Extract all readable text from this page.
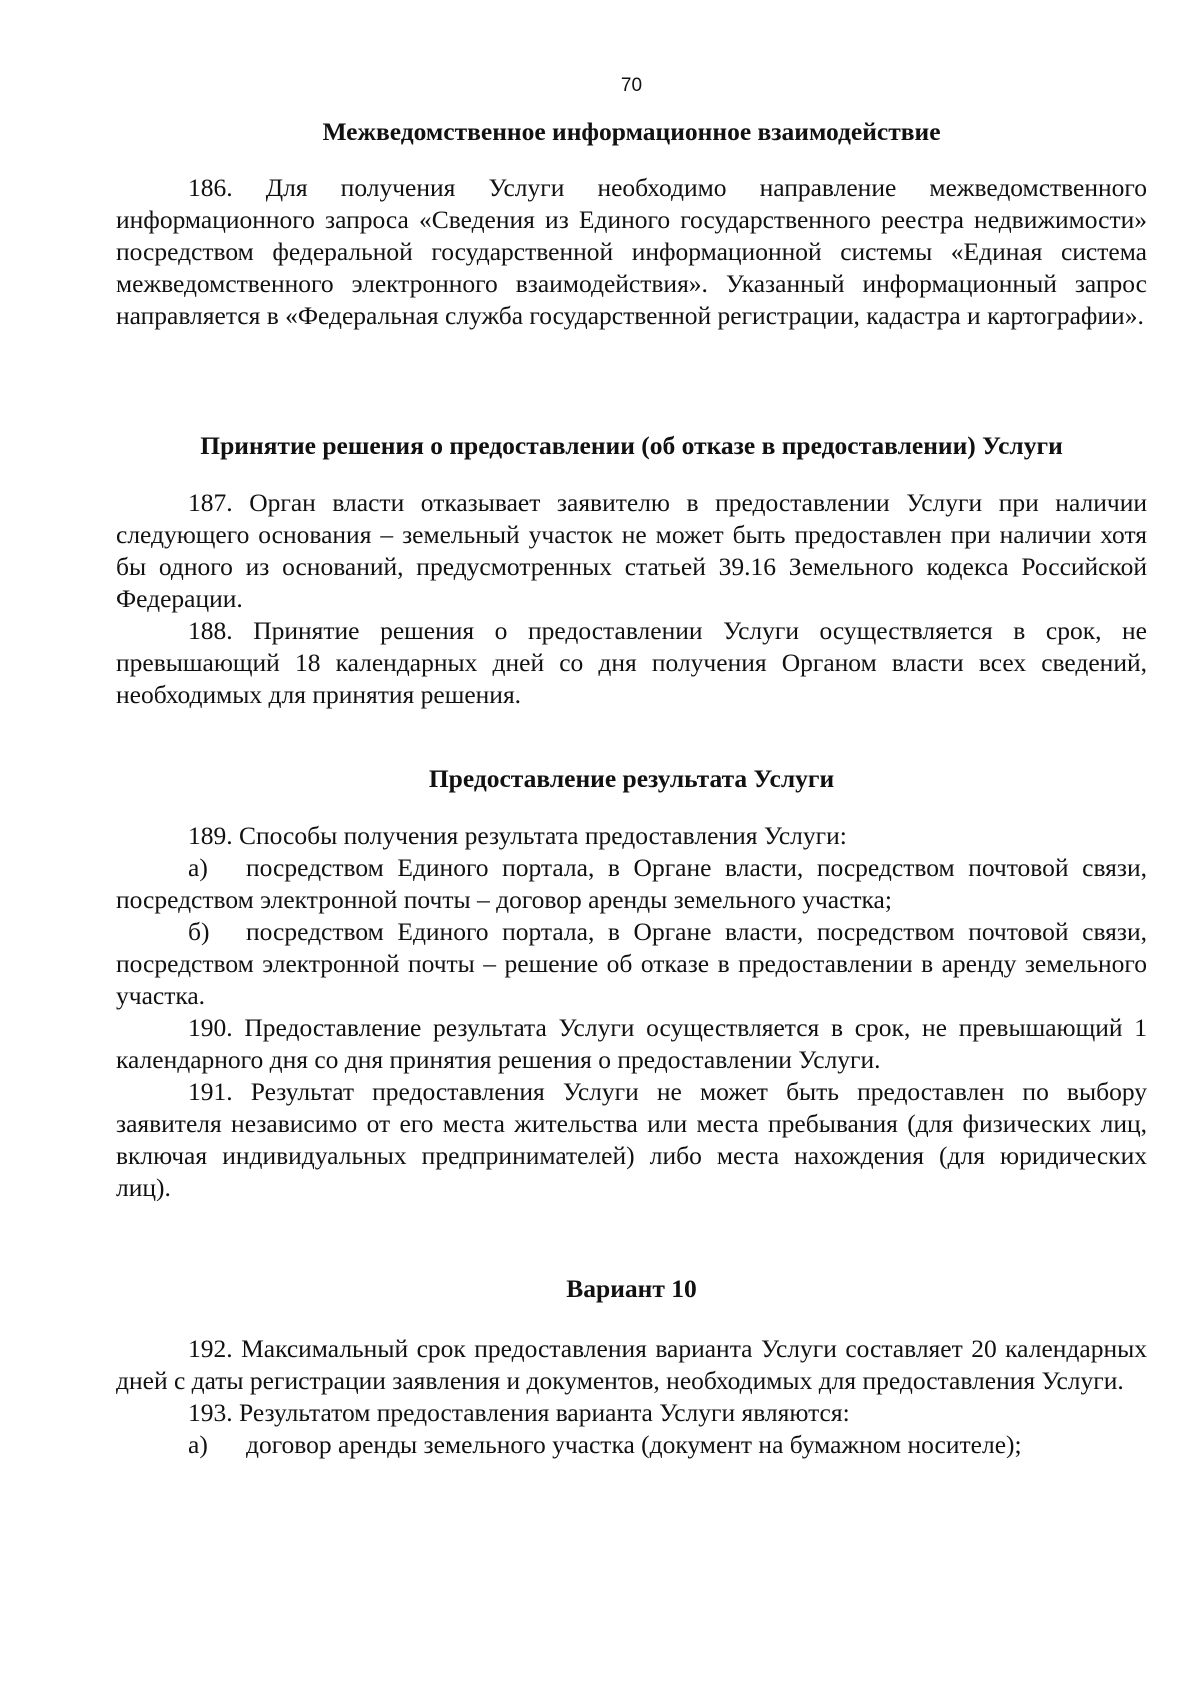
70
Межведомственное информационное взаимодействие

186. Для получения Услуги необходимо направление межведомственного информационного запроса «Сведения из Единого государственного реестра недвижимости» посредством федеральной государственной информационной системы «Единая система межведомственного электронного взаимодействия». Указанный информационный запрос направляется в «Федеральная служба государственной регистрации, кадастра и картографии».

Принятие решения о предоставлении (об отказе в предоставлении) Услуги

187. Орган власти отказывает заявителю в предоставлении Услуги при наличии следующего основания – земельный участок не может быть предоставлен при наличии хотя бы одного из оснований, предусмотренных статьей 39.16 Земельного кодекса Российской Федерации.

188. Принятие решения о предоставлении Услуги осуществляется в срок, не превышающий 18 календарных дней со дня получения Органом власти всех сведений, необходимых для принятия решения.

Предоставление результата Услуги

189. Способы получения результата предоставления Услуги:

а) посредством Единого портала, в Органе власти, посредством почтовой связи, посредством электронной почты – договор аренды земельного участка;

б) посредством Единого портала, в Органе власти, посредством почтовой связи, посредством электронной почты – решение об отказе в предоставлении в аренду земельного участка.

190. Предоставление результата Услуги осуществляется в срок, не превышающий 1 календарного дня со дня принятия решения о предоставлении Услуги.

191. Результат предоставления Услуги не может быть предоставлен по выбору заявителя независимо от его места жительства или места пребывания (для физических лиц, включая индивидуальных предпринимателей) либо места нахождения (для юридических лиц).

Вариант 10

192. Максимальный срок предоставления варианта Услуги составляет 20 календарных дней с даты регистрации заявления и документов, необходимых для предоставления Услуги.

193. Результатом предоставления варианта Услуги являются:

а) договор аренды земельного участка (документ на бумажном носителе);
